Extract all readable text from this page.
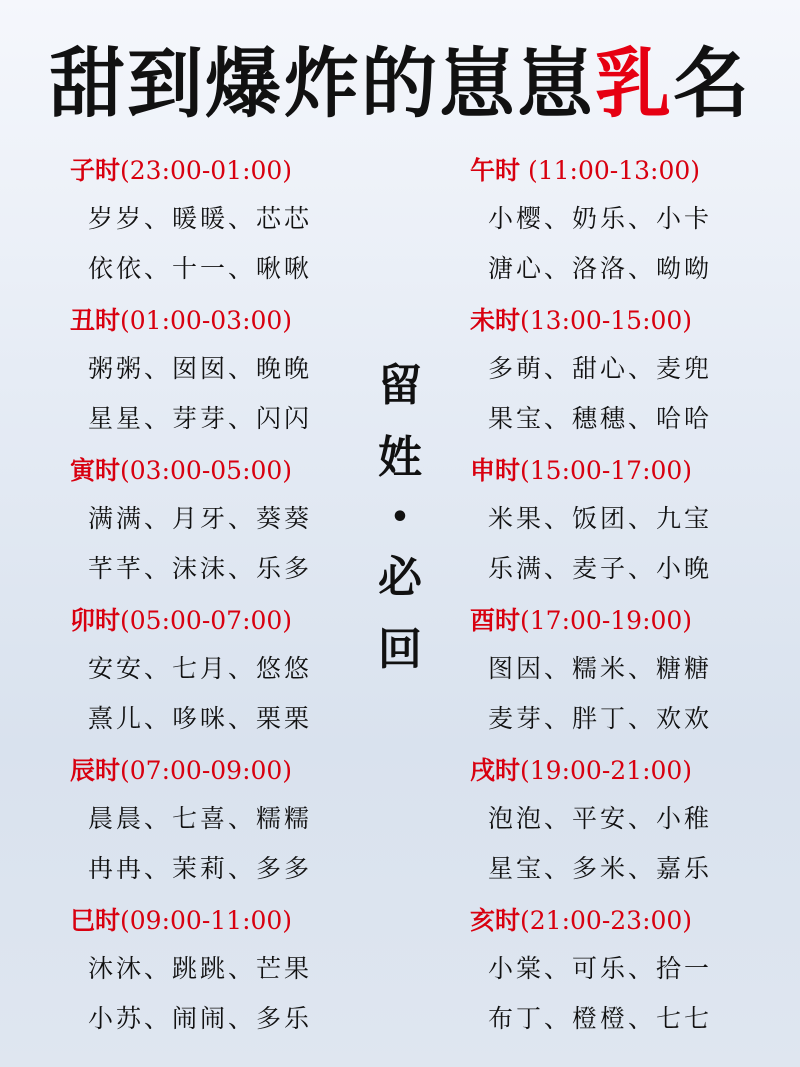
甜到爆炸的崽崽 乳 名
子时(23:00-01:00)
岁岁、暖暖、芯芯
依依、十一、啾啾
丑时(01:00-03:00)
粥粥、囡囡、晚晚
星星、芽芽、闪闪
寅时(03:00-05:00)
满满、月牙、葵葵
芊芊、沫沫、乐多
卯时(05:00-07:00)
安安、七月、悠悠
熹儿、哆咪、栗栗
辰时(07:00-09:00)
晨晨、七喜、糯糯
冉冉、茉莉、多多
巳时(09:00-11:00)
沐沐、跳跳、芒果
小苏、闹闹、多乐
留
姓
•
必
回
午时 (11:00-13:00)
小樱、奶乐、小卡
溏心、洛洛、呦呦
未时(13:00-15:00)
多萌、甜心、麦兜
果宝、穗穗、哈哈
申时(15:00-17:00)
米果、饭团、九宝
乐满、麦子、小晚
酉时(17:00-19:00)
图因、糯米、糖糖
麦芽、胖丁、欢欢
戌时(19:00-21:00)
泡泡、平安、小稚
星宝、多米、嘉乐
亥时(21:00-23:00)
小棠、可乐、拾一
布丁、橙橙、七七
